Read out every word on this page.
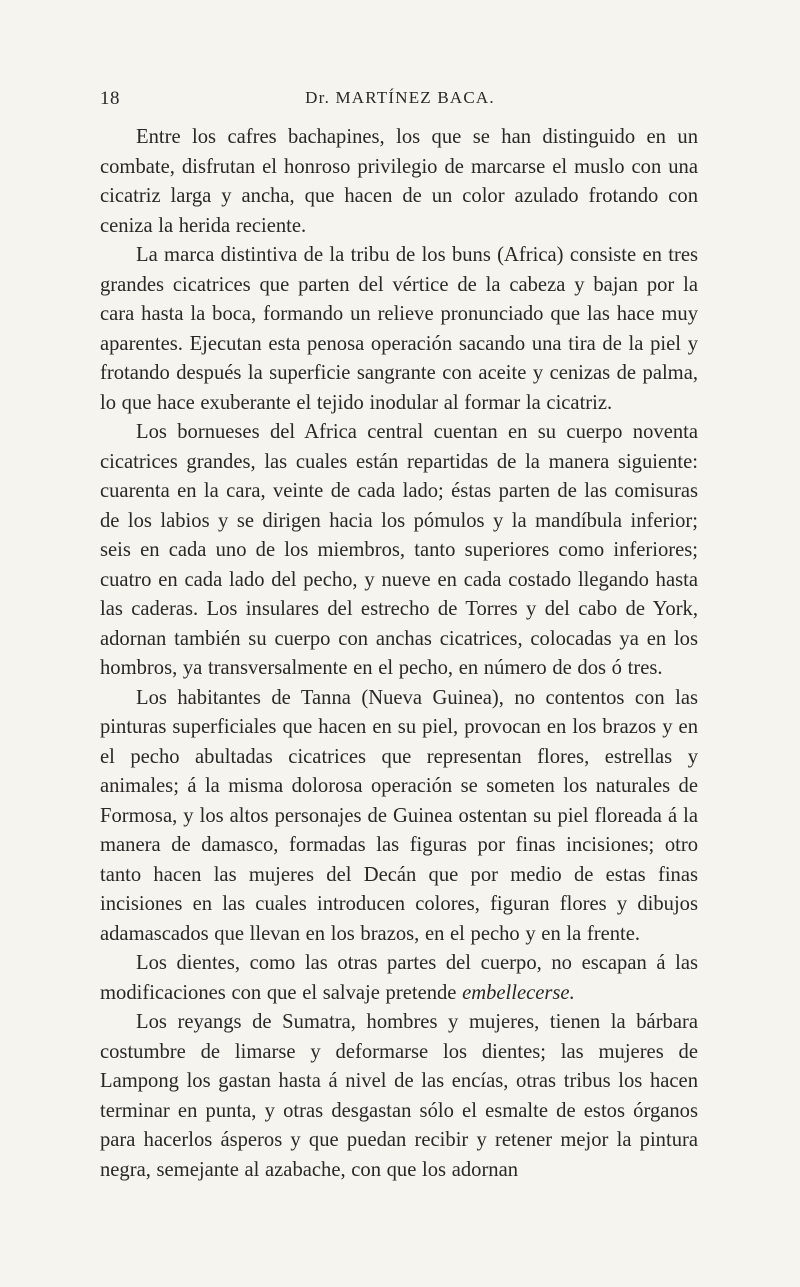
18	Dr. MARTÍNEZ BACA.

Entre los cafres bachapines, los que se han distinguido en un combate, disfrutan el honroso privilegio de marcarse el muslo con una cicatriz larga y ancha, que hacen de un color azulado frotando con ceniza la herida reciente.

La marca distintiva de la tribu de los buns (Africa) consiste en tres grandes cicatrices que parten del vértice de la cabeza y bajan por la cara hasta la boca, formando un relieve pronunciado que las hace muy aparentes. Ejecutan esta penosa operación sacando una tira de la piel y frotando después la superficie sangrante con aceite y cenizas de palma, lo que hace exuberante el tejido inodular al formar la cicatriz.

Los bornueses del Africa central cuentan en su cuerpo noventa cicatrices grandes, las cuales están repartidas de la manera siguiente: cuarenta en la cara, veinte de cada lado; éstas parten de las comisuras de los labios y se dirigen hacia los pómulos y la mandíbula inferior; seis en cada uno de los miembros, tanto superiores como inferiores; cuatro en cada lado del pecho, y nueve en cada costado llegando hasta las caderas. Los insulares del estrecho de Torres y del cabo de York, adornan también su cuerpo con anchas cicatrices, colocadas ya en los hombros, ya transversalmente en el pecho, en número de dos ó tres.

Los habitantes de Tanna (Nueva Guinea), no contentos con las pinturas superficiales que hacen en su piel, provocan en los brazos y en el pecho abultadas cicatrices que representan flores, estrellas y animales; á la misma dolorosa operación se someten los naturales de Formosa, y los altos personajes de Guinea ostentan su piel floreada á la manera de damasco, formadas las figuras por finas incisiones; otro tanto hacen las mujeres del Decán que por medio de estas finas incisiones en las cuales introducen colores, figuran flores y dibujos adamascados que llevan en los brazos, en el pecho y en la frente.

Los dientes, como las otras partes del cuerpo, no escapan á las modificaciones con que el salvaje pretende embellecerse.

Los reyangs de Sumatra, hombres y mujeres, tienen la bárbara costumbre de limarse y deformarse los dientes; las mujeres de Lampong los gastan hasta á nivel de las encías, otras tribus los hacen terminar en punta, y otras desgastan sólo el esmalte de estos órganos para hacerlos ásperos y que puedan recibir y retener mejor la pintura negra, semejante al azabache, con que los adornan
